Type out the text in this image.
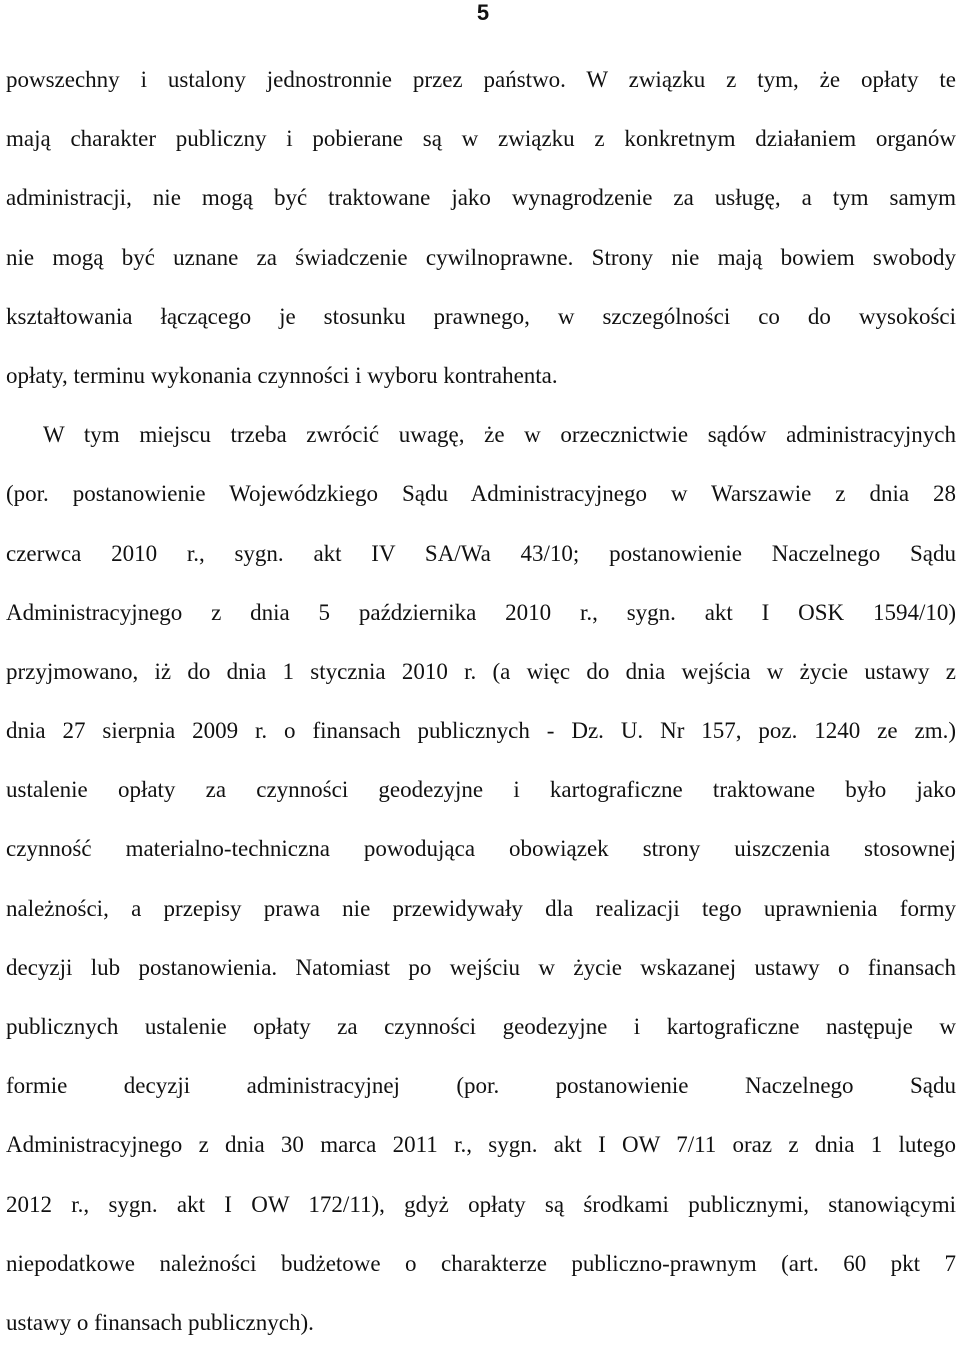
5
powszechny i ustalony jednostronnie przez państwo. W związku z tym, że opłaty te
mają charakter publiczny i pobierane są w związku z konkretnym działaniem organów
administracji, nie mogą być traktowane jako wynagrodzenie za usługę, a tym samym
nie mogą być uznane za świadczenie cywilnoprawne. Strony nie mają bowiem swobody
kształtowania łączącego je stosunku prawnego, w szczególności co do wysokości
opłaty, terminu wykonania czynności i wyboru kontrahenta.
W tym miejscu trzeba zwrócić uwagę, że w orzecznictwie sądów administracyjnych
(por. postanowienie Wojewódzkiego Sądu Administracyjnego w Warszawie z dnia 28
czerwca 2010 r., sygn. akt IV SA/Wa 43/10; postanowienie Naczelnego Sądu
Administracyjnego z dnia 5 października 2010 r., sygn. akt I OSK 1594/10)
przyjmowano, iż do dnia 1 stycznia 2010 r. (a więc do dnia wejścia w życie ustawy z
dnia 27 sierpnia 2009 r. o finansach publicznych - Dz. U. Nr 157, poz. 1240 ze zm.)
ustalenie opłaty za czynności geodezyjne i kartograficzne traktowane było jako
czynność materialno-techniczna powodująca obowiązek strony uiszczenia stosownej
należności, a przepisy prawa nie przewidywały dla realizacji tego uprawnienia formy
decyzji lub postanowienia. Natomiast po wejściu w życie wskazanej ustawy o finansach
publicznych ustalenie opłaty za czynności geodezyjne i kartograficzne następuje w
formie decyzji administracyjnej (por. postanowienie Naczelnego Sądu
Administracyjnego z dnia 30 marca 2011 r., sygn. akt I OW 7/11 oraz z dnia 1 lutego
2012 r., sygn. akt I OW 172/11), gdyż opłaty są środkami publicznymi, stanowiącymi
niepodatkowe należności budżetowe o charakterze publiczno-prawnym (art. 60 pkt 7
ustawy o finansach publicznych).
